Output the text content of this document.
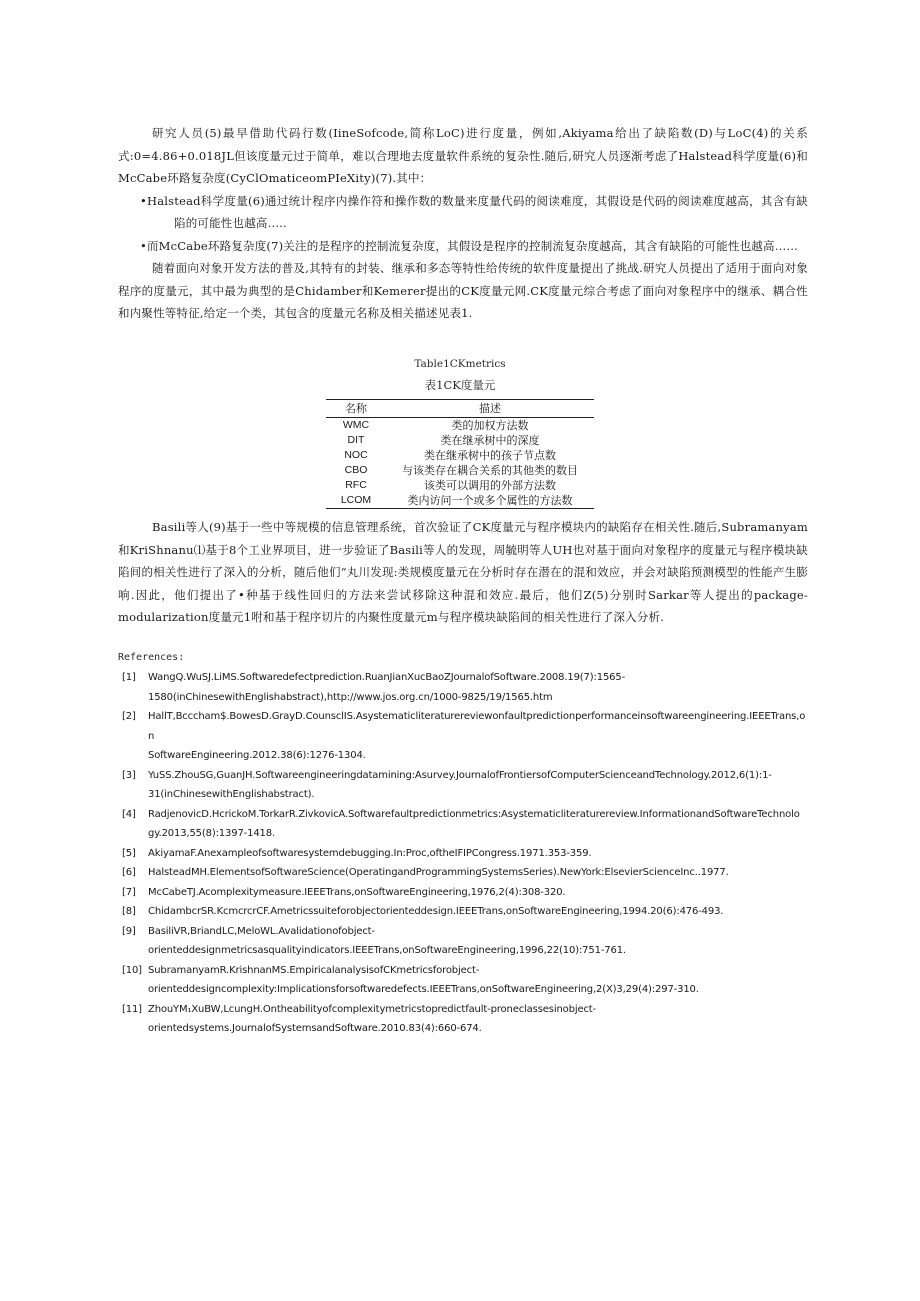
研究人员(5)最早借助代码行数(IineSofcode,简称LoC)进行度量，例如,Akiyama给出了缺陷数(D)与LoC(4)的关系式:0=4.86+0.018JL但该度量元过于简单，难以合理地去度量软件系统的复杂性.随后,研究人员逐渐考虑了Halstead科学度量(6)和McCabe环路复杂度(CyClOmaticeomPIeXity)(7).其中：

•Halstead科学度量(6)通过统计程序内操作符和操作数的数量来度量代码的阅读难度，其假设是代码的阅读难度越高，其含有缺陷的可能性也越高..…

•而McCabe环路复杂度(7)关注的是程序的控制流复杂度，其假设是程序的控制流复杂度越高，其含有缺陷的可能性也越高……

随着面向对象开发方法的普及,其特有的封装、继承和多态等特性给传统的软件度量提出了挑战.研究人员提出了适用于面向对象程序的度量元，其中最为典型的是Chidamber和Kemerer提出的CK度量元网.CK度量元综合考虑了面向对象程序中的继承、耦合性和内聚性等特征,给定一个类，其包含的度量元名称及相关描述见表1.

Table1CKmetrics
表1CK度量元
名称	描述
WMC	类的加权方法数
DIT	类在继承树中的深度
NOC	类在继承树中的孩子节点数
CBO	与该类存在耦合关系的其他类的数目
RFC	该类可以调用的外部方法数
LCOM	类内访问一个或多个属性的方法数

Basili等人(9)基于一些中等规模的信息管理系统，首次验证了CK度量元与程序模块内的缺陷存在相关性.随后,Subramanyam和KriShnanu⑴基于8个工业界项目，进一步验证了Basili等人的发现，周毓明等人UH也对基于面向对象程序的度量元与程序模块缺陷间的相关性进行了深入的分析，随后他们“丸川发现:类规模度量元在分析时存在潜在的混和效应，并会对缺陷预测模型的性能产生膨响.因此，他们提出了•种基于线性回归的方法来尝试移除这种混和效应.最后，他们Z(5)分别时Sarkar等人提出的package-modularization度量元1咐和基于程序切片的内聚性度量元m与程序模块缺陷间的相关性进行了深入分析.

References:
[1]	WangQ.WuSJ.LiMS.Softwaredefectprediction.RuanJianXucBaoZJournalofSoftware.2008.19(7):1565-
1580(inChinesewithEnglishabstract),http://www.jos.org.cn/1000-9825/19/1565.htm
[2]	HallT,Bcccham$.BowesD.GrayD.CounsclIS.Asystematicliteraturereviewonfaultpredictionperformanceinsoftwareengineering.IEEETrans,on
SoftwareEngineering.2012.38(6):1276-1304.
[3]	YuSS.ZhouSG,GuanJH.Softwareengineeringdatamining:Asurvey.JournalofFrontiersofComputerScienceandTechnology.2012,6(1):1-
31(inChinesewithEnglishabstract).
[4]	RadjenovicD.HcrickoM.TorkarR.ZivkovicA.Softwarefaultpredictionmetrics:Asystematicliteraturereview.InformationandSoftwareTechnolo
gy.2013,55(8):1397-1418.
[5]	AkiyamaF.Anexampleofsoftwaresystemdebugging.In:Proc,oftheIFIPCongress.1971.353-359.
[6]	HalsteadMH.ElementsofSoftwareScience(OperatingandProgrammingSystemsSeries).NewYork:ElsevierScienceInc..1977.
[7]	McCabeTJ.Acomplexitymeasure.IEEETrans,onSoftwareEngineering,1976,2(4):308-320.
[8]	ChidambcrSR.KcmcrcrCF.Ametricssuiteforobjectorienteddesign.IEEETrans,onSoftwareEngineering,1994.20(6):476-493.
[9]	BasiliVR,BriandLC,MeloWL.Avalidationofobject-
orienteddesignmetricsasqualityindicators.IEEETrans,onSoftwareEngineering,1996,22(10):751-761.
[10] SubramanyamR.KrishnanMS.EmpiricalanalysisofCKmetricsforobject-
orienteddesigncomplexity:Implicationsforsoftwaredefects.IEEETrans,onSoftwareEngineering,2(X)3,29(4):297-310.
[11] ZhouYM₁XuBW,LcungH.Ontheabilityofcomplexitymetricstopredictfault-proneclassesinobject-
orientedsystems.JournalofSystemsandSoftware.2010.83(4):660-674.
